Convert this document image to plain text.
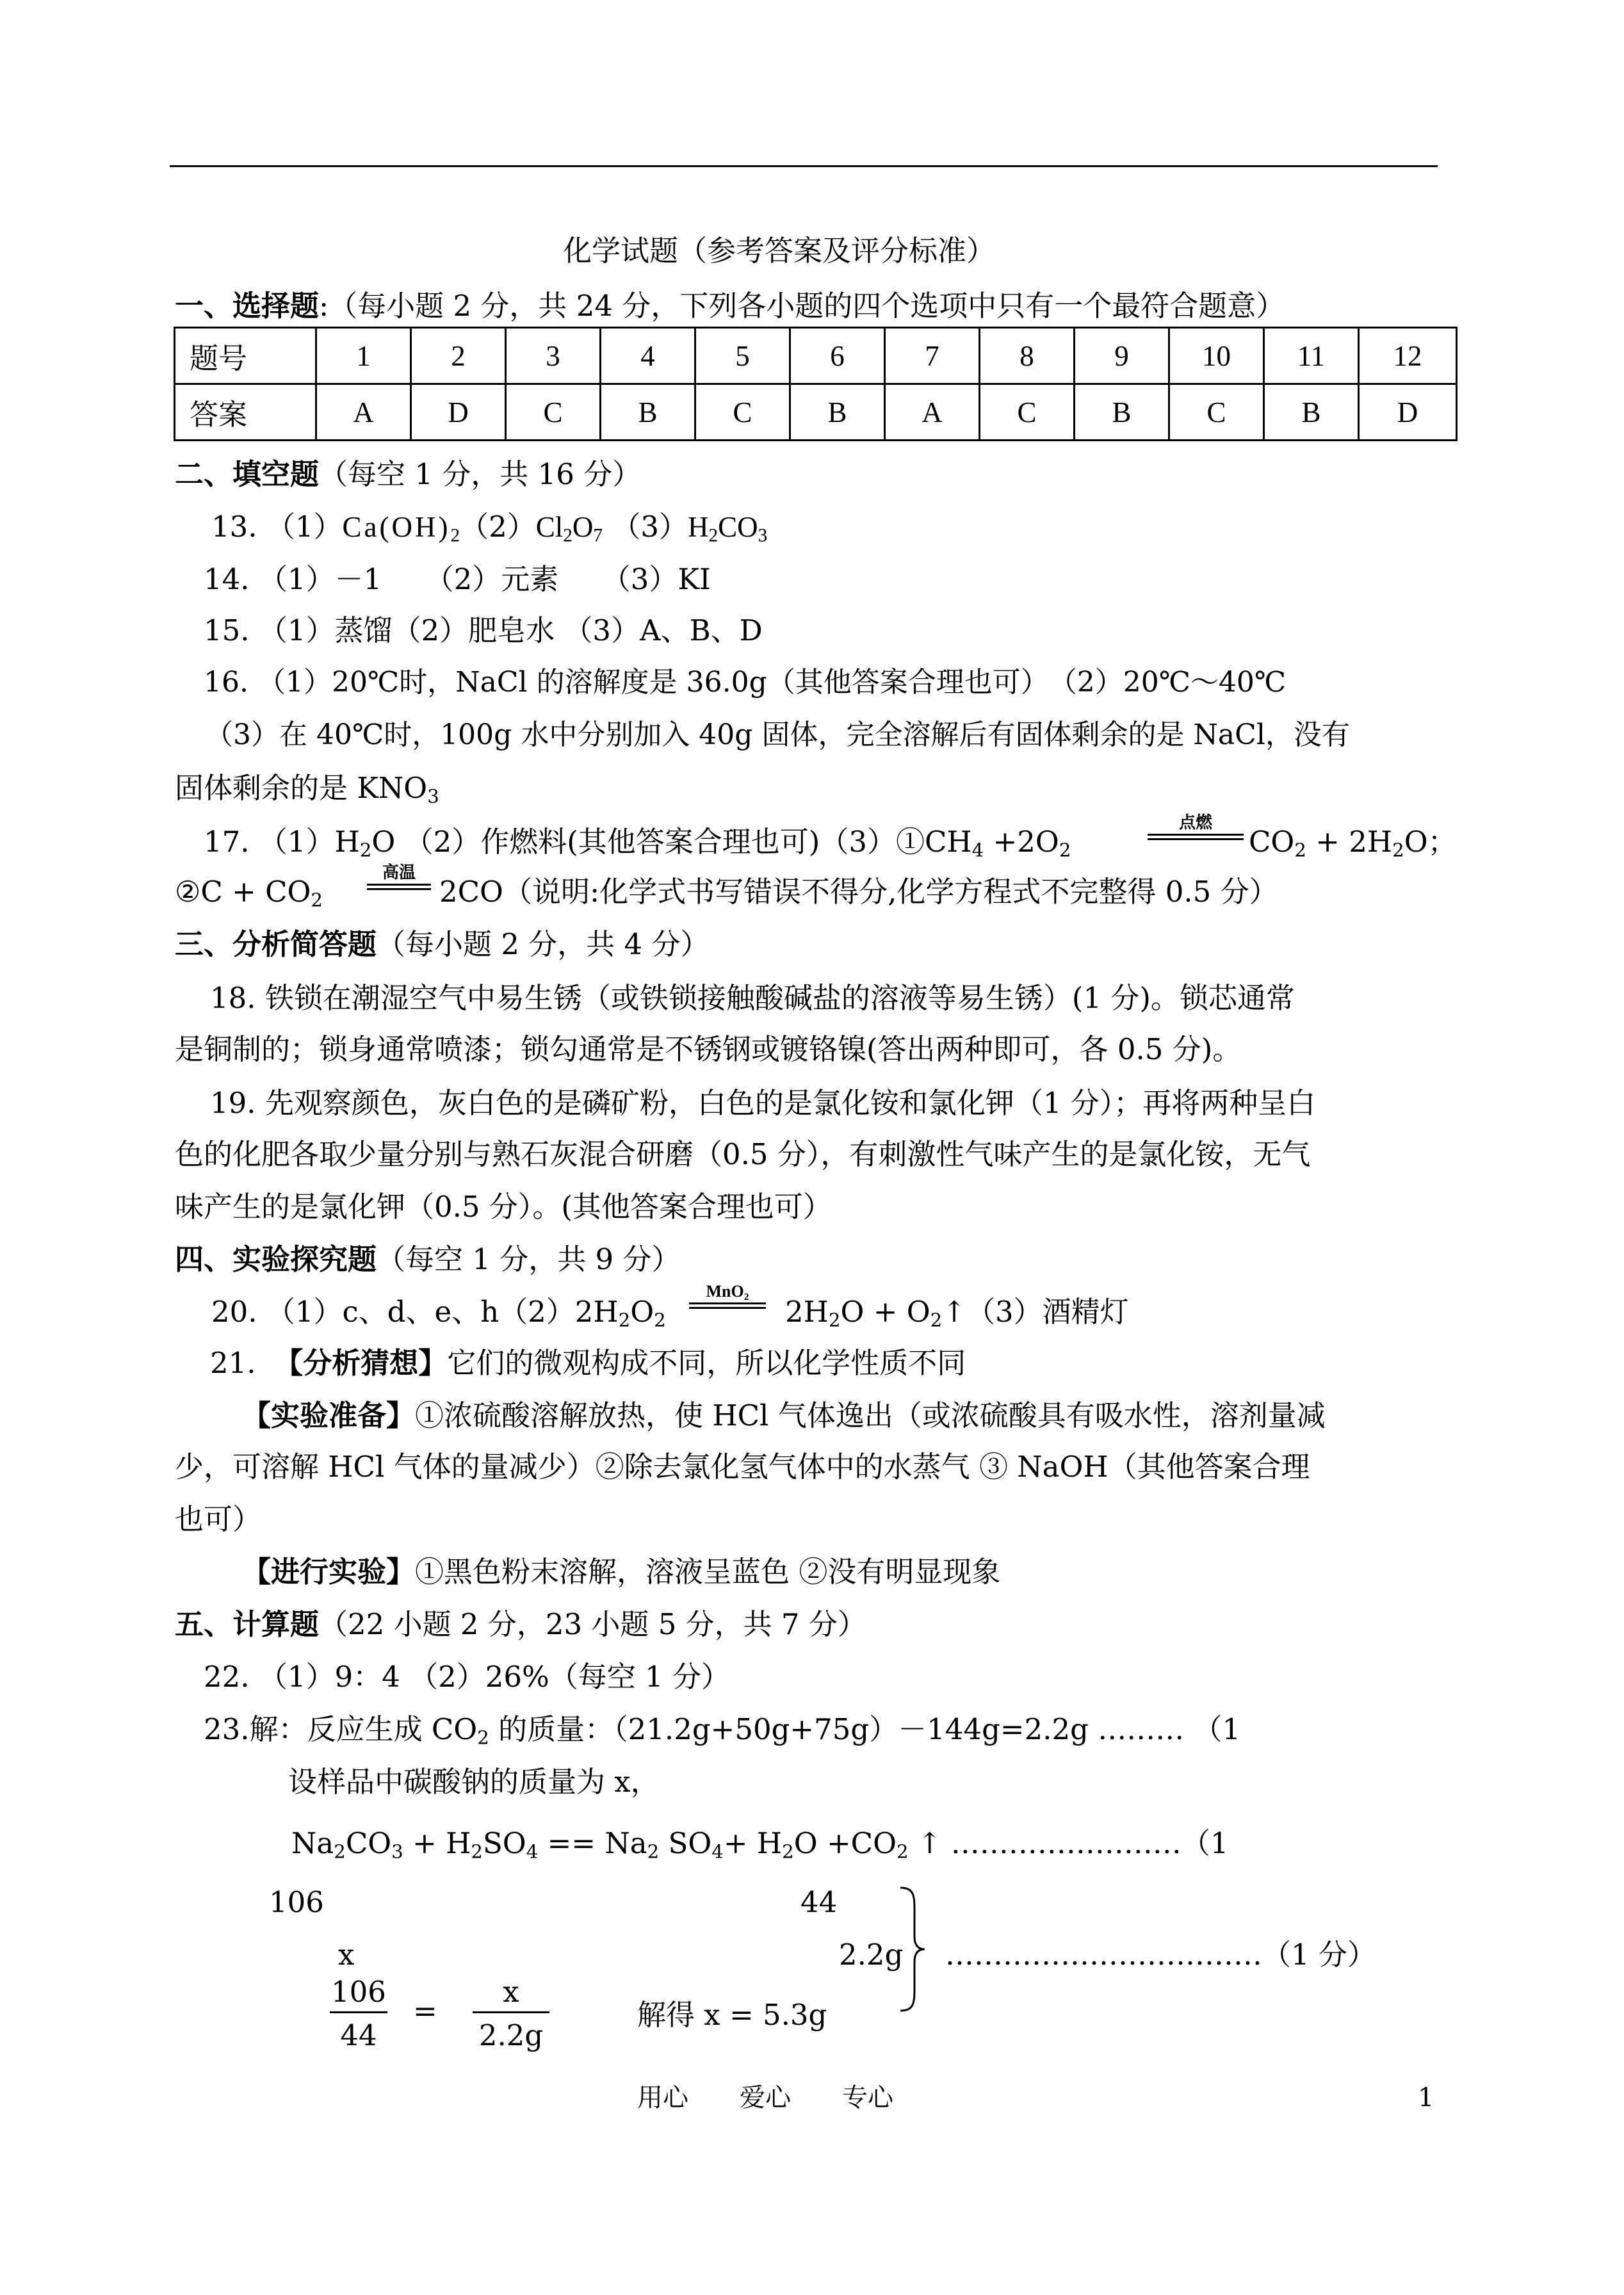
化学试题（参考答案及评分标准）
一、选择题:（每小题 2 分，共 24 分，下列各小题的四个选项中只有一个最符合题意）
题号	1	2	3	4	5	6	7	8	9	10	11	12
答案	A	D	C	B	C	B	A	C	B	C	B	D
二、填空题（每空 1 分，共 16 分）
13. $(1)Ca(OH)_2(2)Cl_2O_7$ $(3)H_2CO_3$
14. （1）－1　　（2）元素　　（3）KI
15. （1）蒸馏（2）肥皂水 （3）A、B、D
16. （1）20℃时，NaCl 的溶解度是 36.0g（其他答案合理也可）　（2）20℃～40℃
（3）在 40℃时，100g 水中分别加入 40g 固体，完全溶解后有固体剩余的是 NaCl，没有
固体剩余的是 $KNO_3$
17. $(1)H_2O$ （2）作燃料(其他答案合理也可)$(3)①CH_4 +2O_2$
点燃
$CO_2 + 2H_2O$；
②C + $CO_2$
高温
2CO（说明:化学式书写错误不得分,化学方程式不完整得 0.5 分）
三、分析简答题（每小题 2 分，共 4 分）
18. 铁锁在潮湿空气中易生锈（或铁锁接触酸碱盐的溶液等易生锈）(1 分)。锁芯通常
是铜制的；锁身通常喷漆；锁勾通常是不锈钢或镀铬镍(答出两种即可，各 0.5 分)。
19. 先观察颜色，灰白色的是磷矿粉，白色的是氯化铵和氯化钾（1 分）；再将两种呈白
色的化肥各取少量分别与熟石灰混合研磨（0.5 分），有刺激性气味产生的是氯化铵，无气
味产生的是氯化钾（0.5 分）。(其他答案合理也可）
四、实验探究题（每空 1 分，共 9 分）
20. （1）c、d、e、$h(2)2H_2O_2$
MnO₂
$2H_2O$ + $O_2↑(3)$酒精灯
21. 【分析猜想】它们的微观构成不同，所以化学性质不同
【实验准备】①浓硫酸溶解放热，使 HCl 气体逸出（或浓硫酸具有吸水性，溶剂量减
少，可溶解 HCl 气体的量减少）②除去氯化氢气体中的水蒸气 ③ NaOH（其他答案合理
也可）
【进行实验】①黑色粉末溶解，溶液呈蓝色 ②没有明显现象
五、计算题（22 小题 2 分，23 小题 5 分，共 7 分）
22. （1）9：4 （2）26%（每空 1 分）
23.解：反应生成 $CO_2$ 的质量：（21.2g+50g+75g）－144g=2.2g ……… （1
设样品中碳酸钠的质量为 x，
$Na_2CO_3 + H_2SO_4 == Na_2$ $SO_4+ H_2O +CO_2$ ↑ ……………………（1
106	44
x	2.2g ……………………………（1 分）
$\frac{106}{44} = \frac{x}{2.2g}$	解得 x = 5.3g
用心　　爱心　　专心	1
